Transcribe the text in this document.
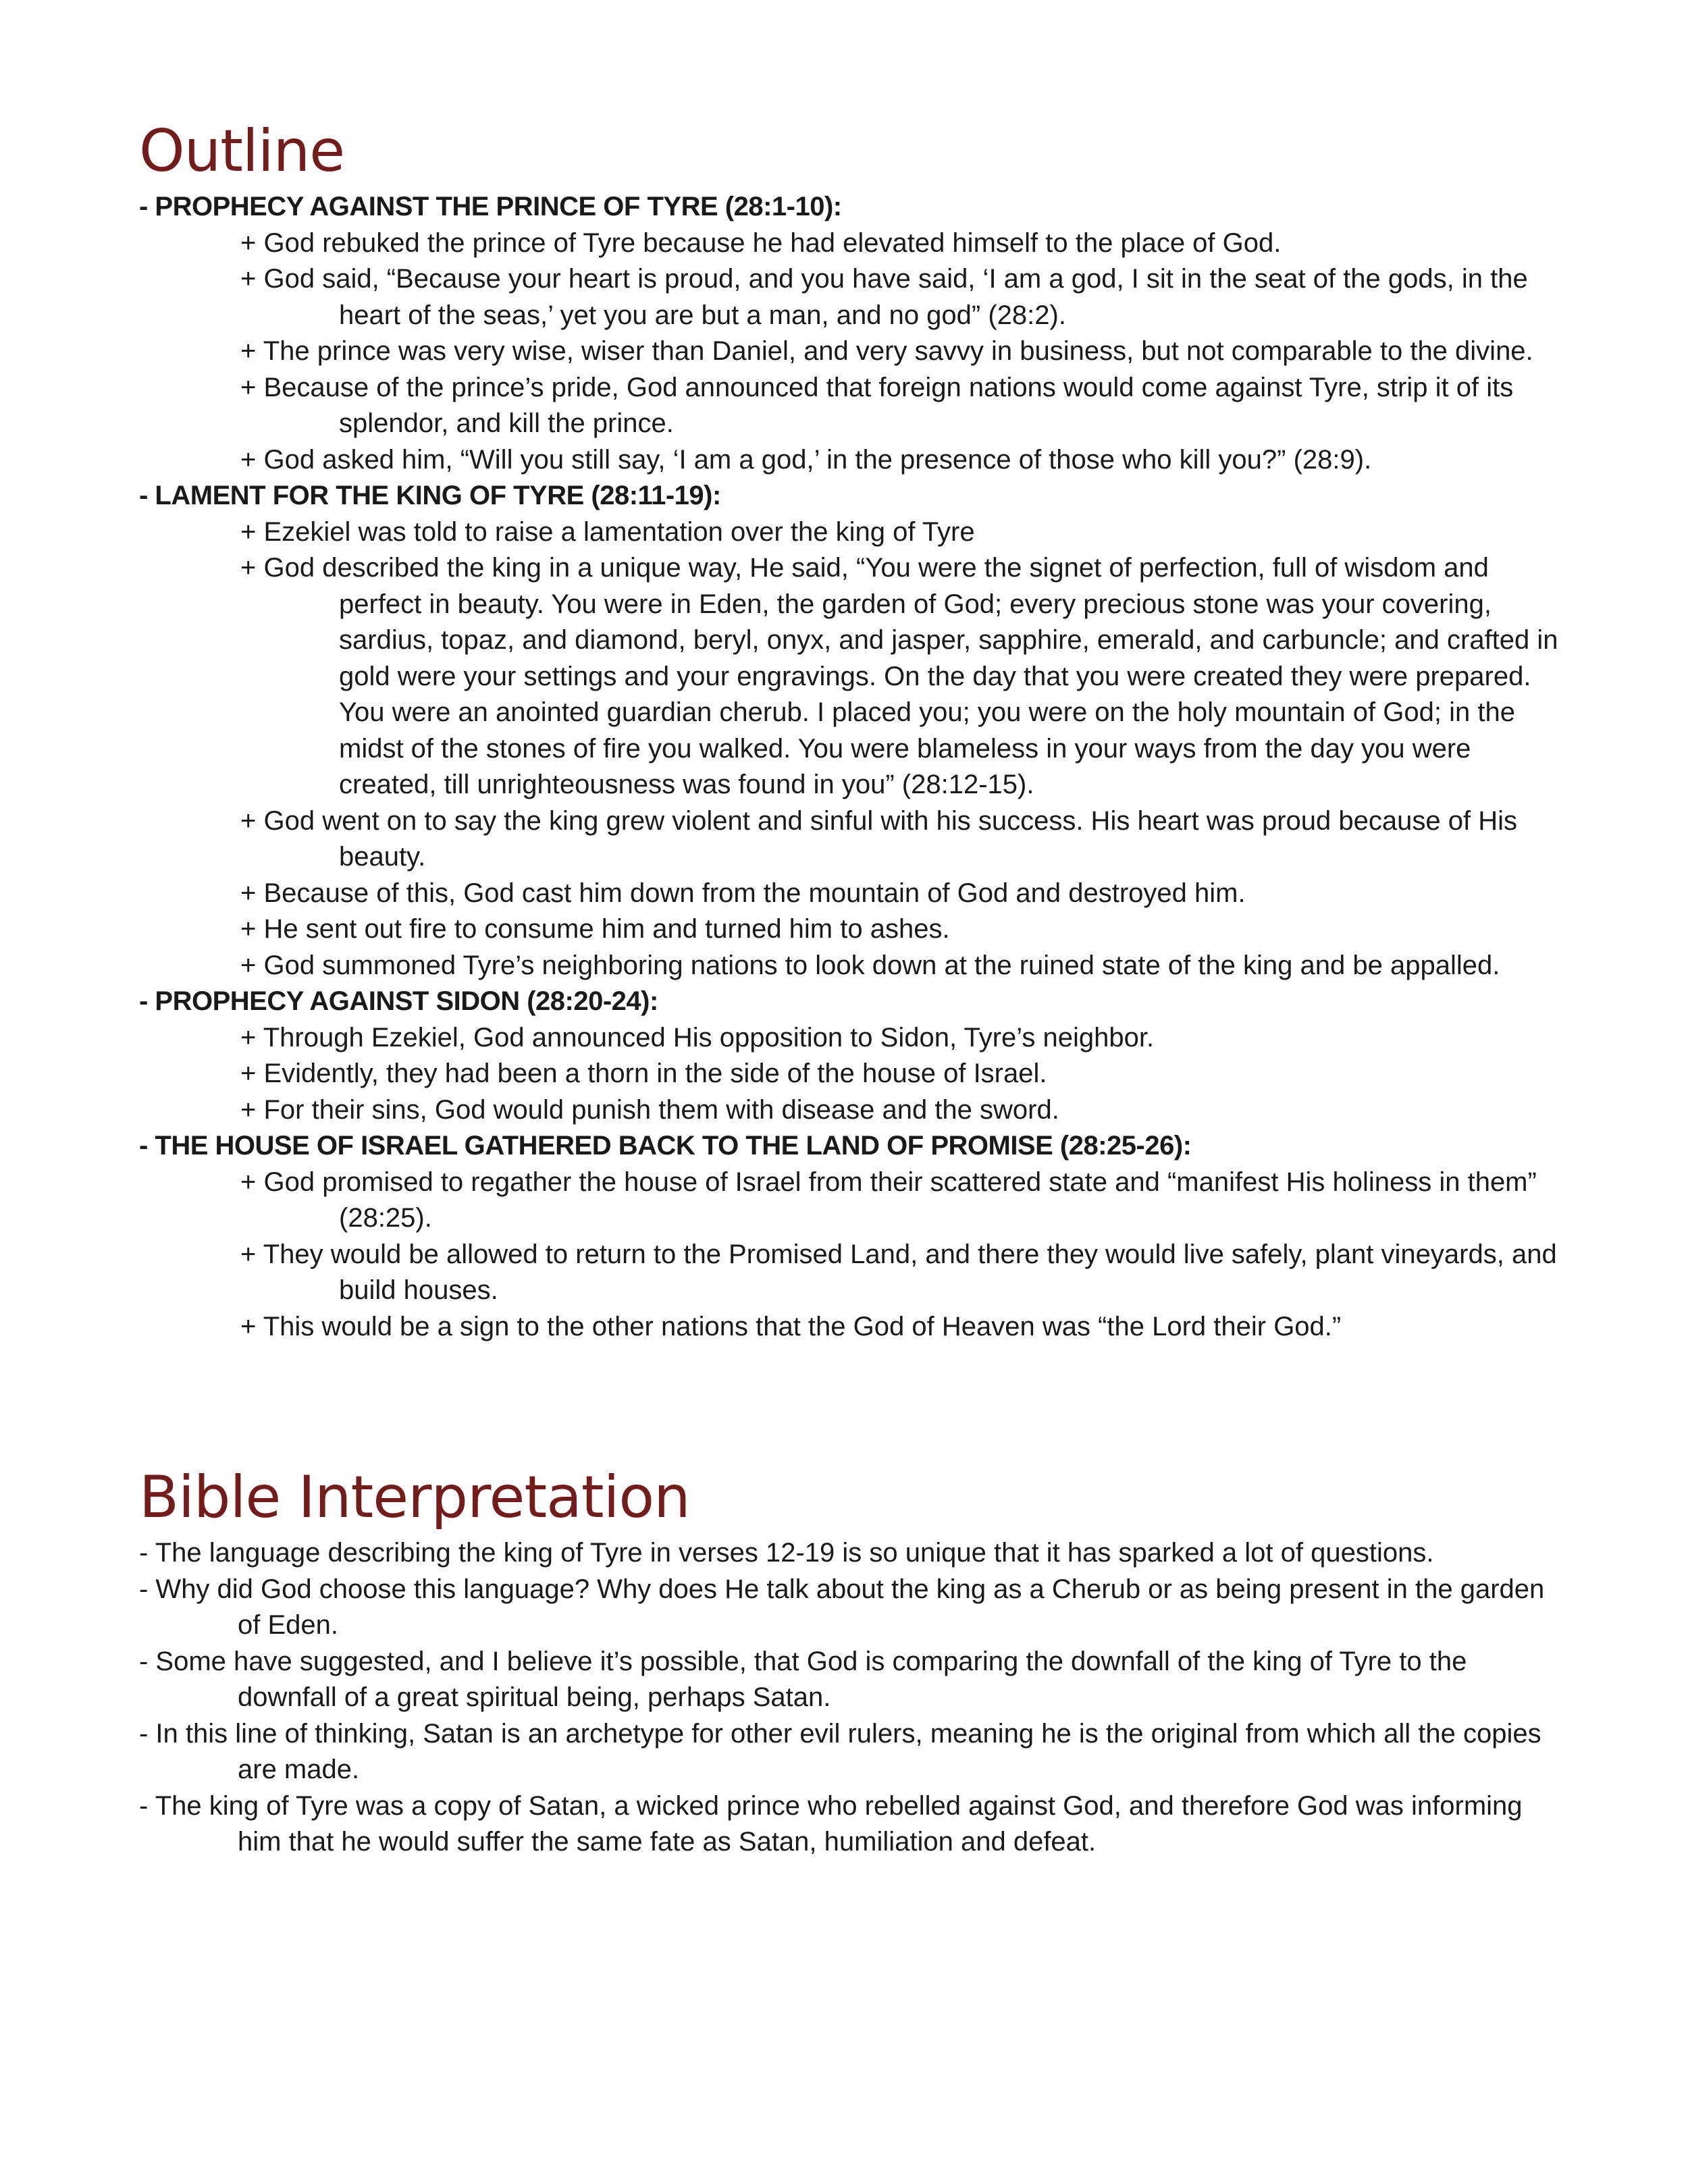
Outline
- PROPHECY AGAINST THE PRINCE OF TYRE (28:1-10):
+ God rebuked the prince of Tyre because he had elevated himself to the place of God.
+ God said, “Because your heart is proud, and you have said, ‘I am a god, I sit in the seat of the gods, in the heart of the seas,’ yet you are but a man, and no god” (28:2).
+ The prince was very wise, wiser than Daniel, and very savvy in business, but not comparable to the divine.
+ Because of the prince’s pride, God announced that foreign nations would come against Tyre, strip it of its splendor, and kill the prince.
+ God asked him, “Will you still say, ‘I am a god,’ in the presence of those who kill you?” (28:9).
- LAMENT FOR THE KING OF TYRE (28:11-19):
+ Ezekiel was told to raise a lamentation over the king of Tyre
+ God described the king in a unique way, He said, “You were the signet of perfection, full of wisdom and perfect in beauty. You were in Eden, the garden of God; every precious stone was your covering, sardius, topaz, and diamond, beryl, onyx, and jasper, sapphire, emerald, and carbuncle; and crafted in gold were your settings and your engravings. On the day that you were created they were prepared. You were an anointed guardian cherub. I placed you; you were on the holy mountain of God; in the midst of the stones of fire you walked. You were blameless in your ways from the day you were created, till unrighteousness was found in you” (28:12-15).
+ God went on to say the king grew violent and sinful with his success. His heart was proud because of His beauty.
+ Because of this, God cast him down from the mountain of God and destroyed him.
+ He sent out fire to consume him and turned him to ashes.
+ God summoned Tyre’s neighboring nations to look down at the ruined state of the king and be appalled.
- PROPHECY AGAINST SIDON (28:20-24):
+ Through Ezekiel, God announced His opposition to Sidon, Tyre’s neighbor.
+ Evidently, they had been a thorn in the side of the house of Israel.
+ For their sins, God would punish them with disease and the sword.
- THE HOUSE OF ISRAEL GATHERED BACK TO THE LAND OF PROMISE (28:25-26):
+ God promised to regather the house of Israel from their scattered state and “manifest His holiness in them” (28:25).
+ They would be allowed to return to the Promised Land, and there they would live safely, plant vineyards, and build houses.
+ This would be a sign to the other nations that the God of Heaven was “the Lord their God.”
Bible Interpretation
- The language describing the king of Tyre in verses 12-19 is so unique that it has sparked a lot of questions.
- Why did God choose this language? Why does He talk about the king as a Cherub or as being present in the garden of Eden.
- Some have suggested, and I believe it’s possible, that God is comparing the downfall of the king of Tyre to the downfall of a great spiritual being, perhaps Satan.
- In this line of thinking, Satan is an archetype for other evil rulers, meaning he is the original from which all the copies are made.
- The king of Tyre was a copy of Satan, a wicked prince who rebelled against God, and therefore God was informing him that he would suffer the same fate as Satan, humiliation and defeat.
